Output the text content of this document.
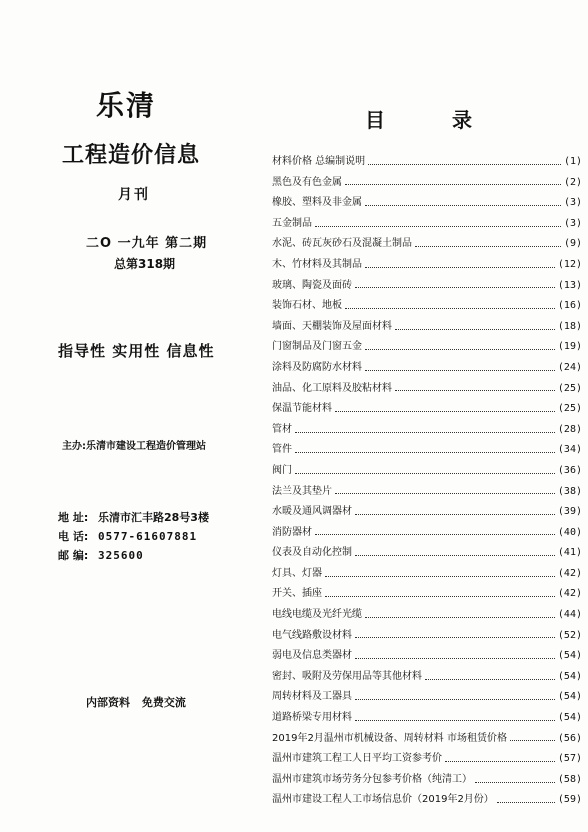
乐清
工程造价信息
月刊
二O 一九年 第二期
总第318期
指导性 实用性 信息性
主办:乐清市建设工程造价管理站
地 址: 乐清市汇丰路28号3楼
电 话: 0577-61607881
邮 编: 325600
内部资料 免费交流
目 录
材料价格 总编制说明	(1)
黑色及有色金属	(2)
橡胶、塑料及非金属	(3)
五金制品	(3)
水泥、砖瓦灰砂石及混凝土制品	(9)
木、竹材料及其制品	(12)
玻璃、陶瓷及面砖	(13)
装饰石材、地板	(16)
墙面、天棚装饰及屋面材料	(18)
门窗制品及门窗五金	(19)
涂料及防腐防水材料	(24)
油品、化工原料及胶粘材料	(25)
保温节能材料	(25)
管材	(28)
管件	(34)
阀门	(36)
法兰及其垫片	(38)
水暖及通风调器材	(39)
消防器材	(40)
仪表及自动化控制	(41)
灯具、灯器	(42)
开关、插座	(42)
电线电缆及光纤光缆	(44)
电气线路敷设材料	(52)
弱电及信息类器材	(54)
密封、吸附及劳保用品等其他材料	(54)
周转材料及工器具	(54)
道路桥梁专用材料	(54)
2019年2月温州市机械设备、周转材料 市场租赁价格	(56)
温州市建筑工程工人日平均工资参考价	(57)
温州市建筑市场劳务分包参考价格（纯清工）	(58)
温州市建设工程人工市场信息价（2019年2月份）	(59)
